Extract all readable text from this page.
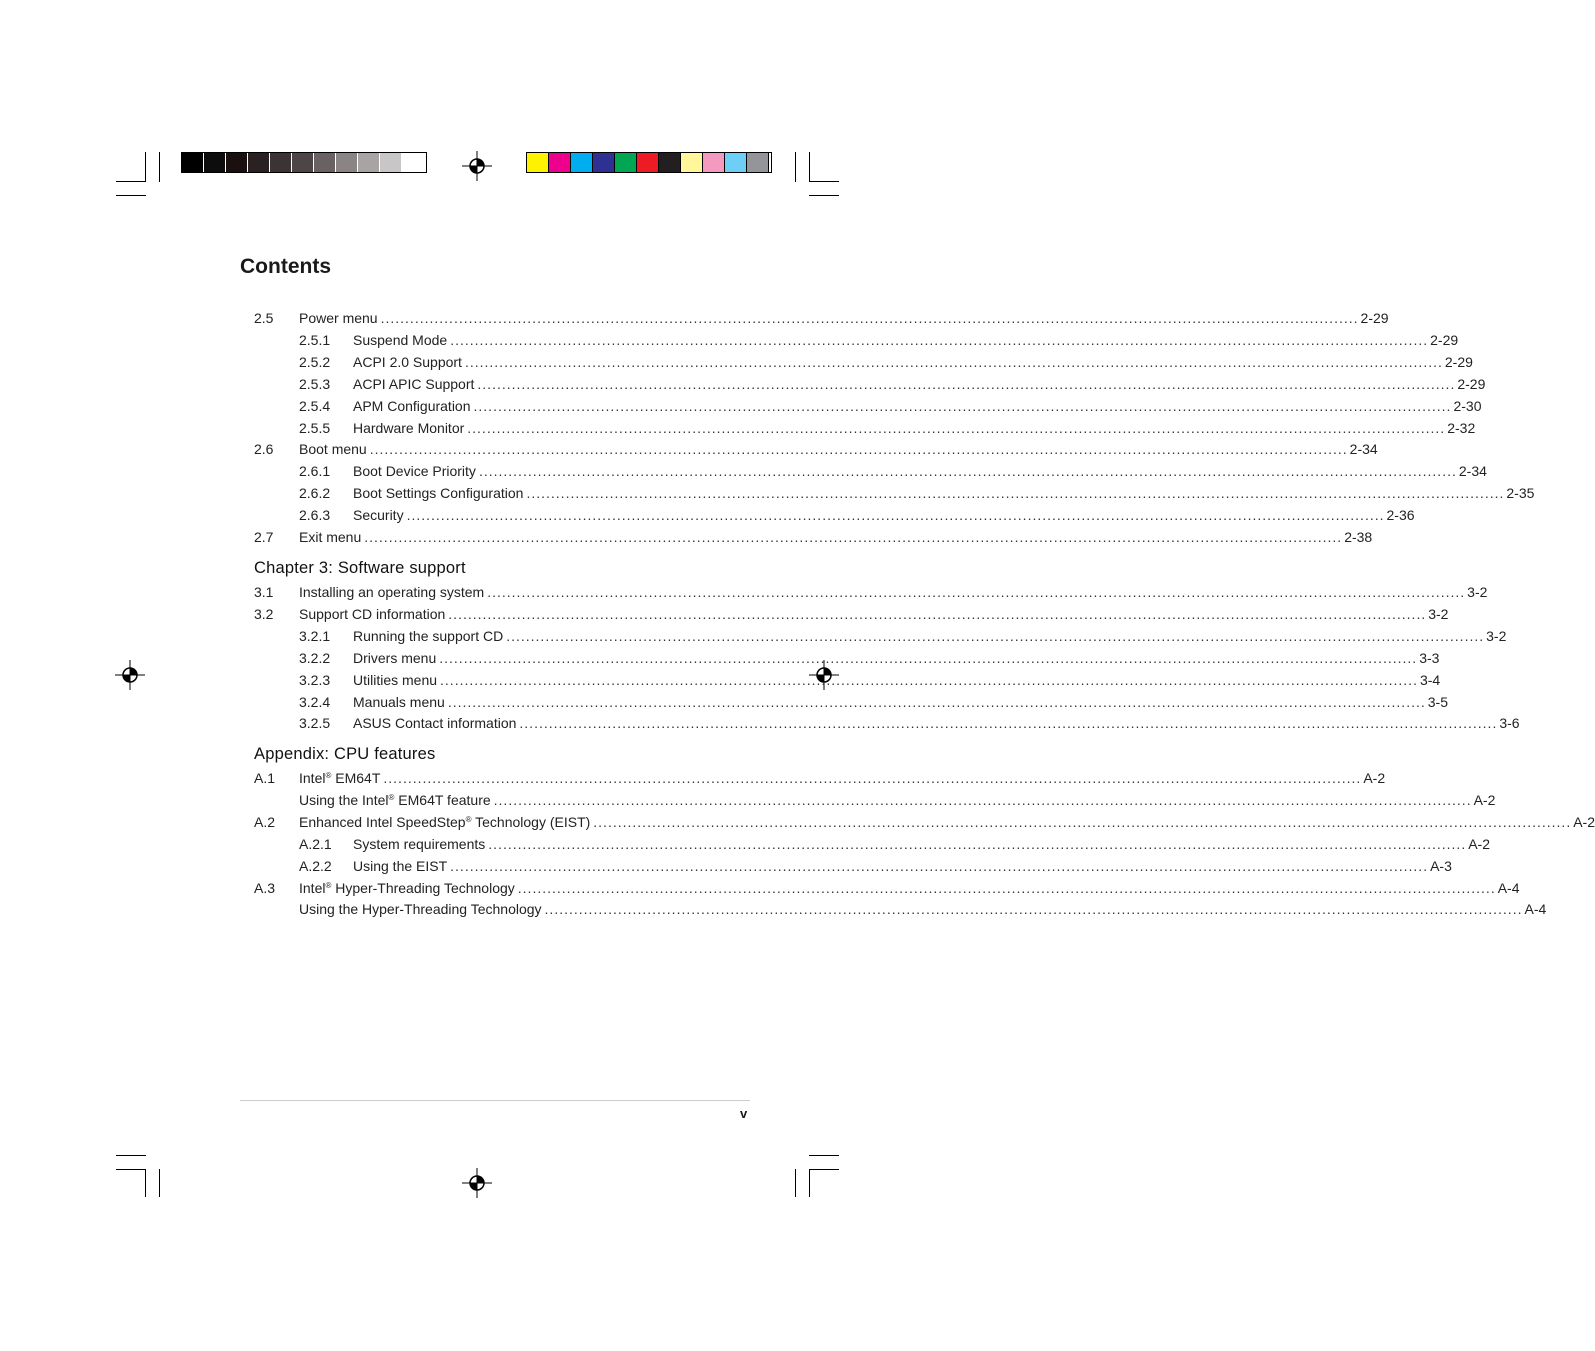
Contents
2.5 Power menu ........................................................................................................................................................................................................ 2-29
2.5.1 Suspend Mode ........................................................................................................................................................................................................ 2-29
2.5.2 ACPI 2.0 Support ........................................................................................................................................................................................................ 2-29
2.5.3 ACPI APIC Support ........................................................................................................................................................................................................ 2-29
2.5.4 APM Configuration ........................................................................................................................................................................................................ 2-30
2.5.5 Hardware Monitor ........................................................................................................................................................................................................ 2-32
2.6 Boot menu ........................................................................................................................................................................................................ 2-34
2.6.1 Boot Device Priority ........................................................................................................................................................................................................ 2-34
2.6.2 Boot Settings Configuration ........................................................................................................................................................................................................ 2-35
2.6.3 Security ........................................................................................................................................................................................................ 2-36
2.7 Exit menu ........................................................................................................................................................................................................ 2-38
Chapter 3: Software support
3.1 Installing an operating system ........................................................................................................................................................................................................ 3-2
3.2 Support CD information ........................................................................................................................................................................................................ 3-2
3.2.1 Running the support CD ........................................................................................................................................................................................................ 3-2
3.2.2 Drivers menu ........................................................................................................................................................................................................ 3-3
3.2.3 Utilities menu ........................................................................................................................................................................................................ 3-4
3.2.4 Manuals menu ........................................................................................................................................................................................................ 3-5
3.2.5 ASUS Contact information ........................................................................................................................................................................................................ 3-6
Appendix: CPU features
A.1 Intel® EM64T ........................................................................................................................................................................................................ A-2
Using the Intel® EM64T feature ........................................................................................................................................................................................................ A-2
A.2 Enhanced Intel SpeedStep® Technology (EIST) ........................................................................................................................................................................................................ A-2
A.2.1 System requirements ........................................................................................................................................................................................................ A-2
A.2.2 Using the EIST ........................................................................................................................................................................................................ A-3
A.3 Intel® Hyper-Threading Technology ........................................................................................................................................................................................................ A-4
Using the Hyper-Threading Technology ........................................................................................................................................................................................................ A-4
v
